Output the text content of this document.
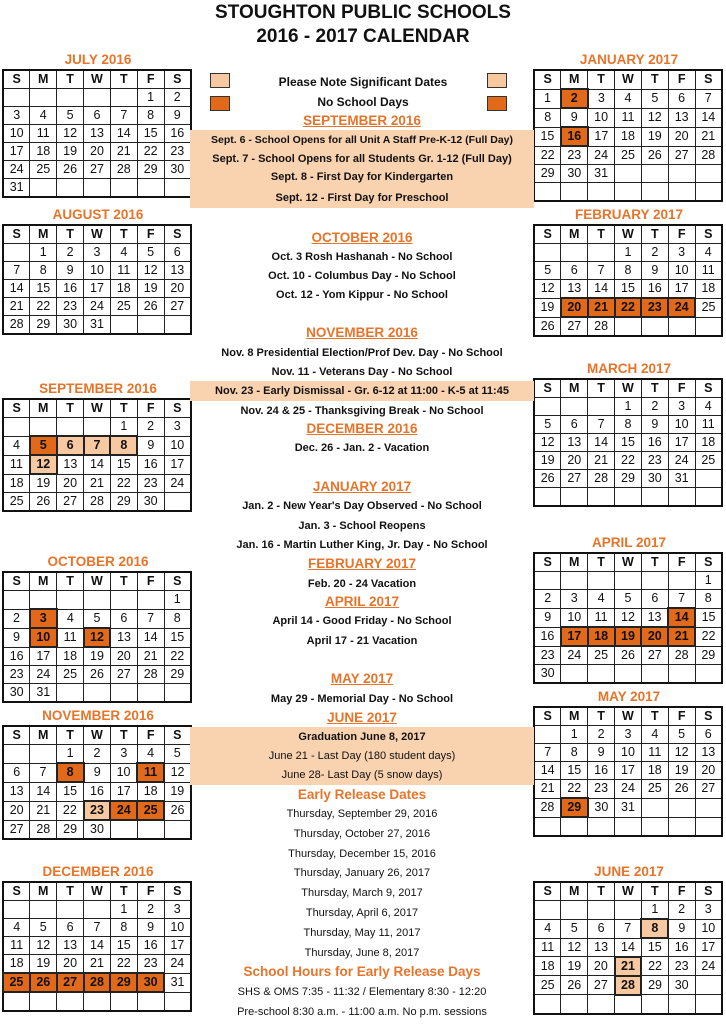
STOUGHTON PUBLIC SCHOOLS
2016 - 2017 CALENDAR
Please Note Significant Dates
No School Days
JULY 2016
S	M	T	W	T	F	S
					1	2
3	4	5	6	7	8	9
10	11	12	13	14	15	16
17	18	19	20	21	22	23
24	25	26	27	28	29	30
31						
AUGUST 2016
S	M	T	W	T	F	S
	1	2	3	4	5	6
7	8	9	10	11	12	13
14	15	16	17	18	19	20
21	22	23	24	25	26	27
28	29	30	31			
SEPTEMBER 2016
S	M	T	W	T	F	S
				1	2	3
4	5	6	7	8	9	10
11	12	13	14	15	16	17
18	19	20	21	22	23	24
25	26	27	28	29	30	
OCTOBER 2016
S	M	T	W	T	F	S
						1
2	3	4	5	6	7	8
9	10	11	12	13	14	15
16	17	18	19	20	21	22
23	24	25	26	27	28	29
30	31					
NOVEMBER 2016
S	M	T	W	T	F	S
		1	2	3	4	5
6	7	8	9	10	11	12
13	14	15	16	17	18	19
20	21	22	23	24	25	26
27	28	29	30			
DECEMBER 2016
S	M	T	W	T	F	S
				1	2	3
4	5	6	7	8	9	10
11	12	13	14	15	16	17
18	19	20	21	22	23	24
25	26	27	28	29	30	31

JANUARY 2017
S	M	T	W	T	F	S
1	2	3	4	5	6	7
8	9	10	11	12	13	14
15	16	17	18	19	20	21
22	23	24	25	26	27	28
29	30	31				

FEBRUARY 2017
S	M	T	W	T	F	S
			1	2	3	4
5	6	7	8	9	10	11
12	13	14	15	16	17	18
19	20	21	22	23	24	25
26	27	28				
MARCH 2017
S	M	T	W	T	F	S
			1	2	3	4
5	6	7	8	9	10	11
12	13	14	15	16	17	18
19	20	21	22	23	24	25
26	27	28	29	30	31	

APRIL 2017
S	M	T	W	T	F	S
						1
2	3	4	5	6	7	8
9	10	11	12	13	14	15
16	17	18	19	20	21	22
23	24	25	26	27	28	29
30						
MAY 2017
S	M	T	W	T	F	S
	1	2	3	4	5	6
7	8	9	10	11	12	13
14	15	16	17	18	19	20
21	22	23	24	25	26	27
28	29	30	31			

JUNE 2017
S	M	T	W	T	F	S
				1	2	3
4	5	6	7	8	9	10
11	12	13	14	15	16	17
18	19	20	21	22	23	24
25	26	27	28	29	30	

SEPTEMBER 2016
Sept. 6 - School Opens for all Unit A Staff Pre-K-12 (Full Day)
Sept. 7 - School Opens for all Students Gr. 1-12 (Full Day)
Sept. 8 - First Day for Kindergarten
Sept. 12 - First Day for Preschool
OCTOBER 2016
Oct. 3 Rosh Hashanah - No School
Oct. 10 - Columbus Day - No School
Oct. 12 - Yom Kippur - No School
NOVEMBER 2016
Nov. 8 Presidential Election/Prof Dev. Day - No School
Nov. 11 - Veterans Day - No School
Nov. 23 - Early Dismissal - Gr. 6-12 at 11:00 - K-5 at 11:45
Nov. 24 & 25 - Thanksgiving Break - No School
DECEMBER 2016
Dec. 26 - Jan. 2 - Vacation
JANUARY 2017
Jan. 2 - New Year's Day Observed - No School
Jan. 3 - School Reopens
Jan. 16 - Martin Luther King, Jr. Day - No School
FEBRUARY 2017
Feb. 20 - 24 Vacation
APRIL 2017
April 14 - Good Friday - No School
April 17 - 21 Vacation
MAY 2017
May 29 - Memorial Day - No School
JUNE 2017
Graduation June 8, 2017
June 21 - Last Day (180 student days)
June 28- Last Day (5 snow days)
Early Release Dates
Thursday, September 29, 2016
Thursday, October 27, 2016
Thursday, December 15, 2016
Thursday, January 26, 2017
Thursday, March 9, 2017
Thursday, April 6, 2017
Thursday, May 11, 2017
Thursday, June 8, 2017
School Hours for Early Release Days
SHS & OMS 7:35 - 11:32 / Elementary 8:30 - 12:20
Pre-school 8:30 a.m. - 11:00 a.m. No p.m. sessions
